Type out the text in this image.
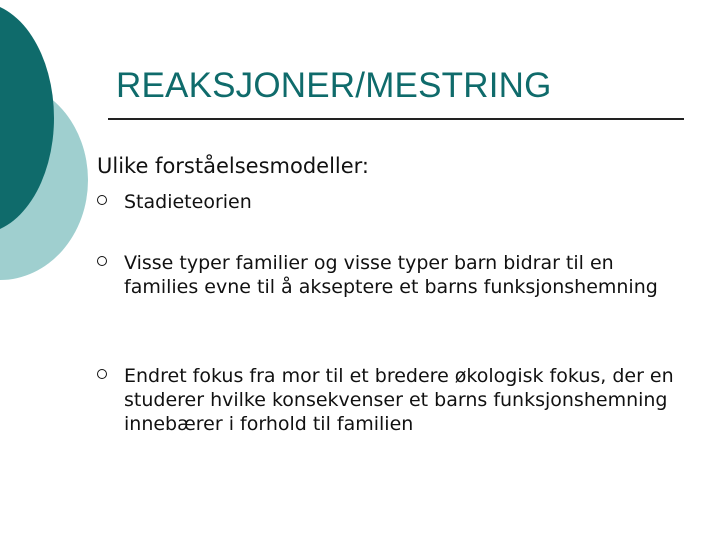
REAKSJONER/MESTRING
Ulike forståelsesmodeller:
Stadieteorien
Visse typer familier og visse typer barn bidrar til en families evne til å akseptere et barns funksjonshemning
Endret fokus fra mor til et bredere økologisk fokus, der en studerer hvilke konsekvenser et barns funksjonshemning innebærer i forhold til familien
